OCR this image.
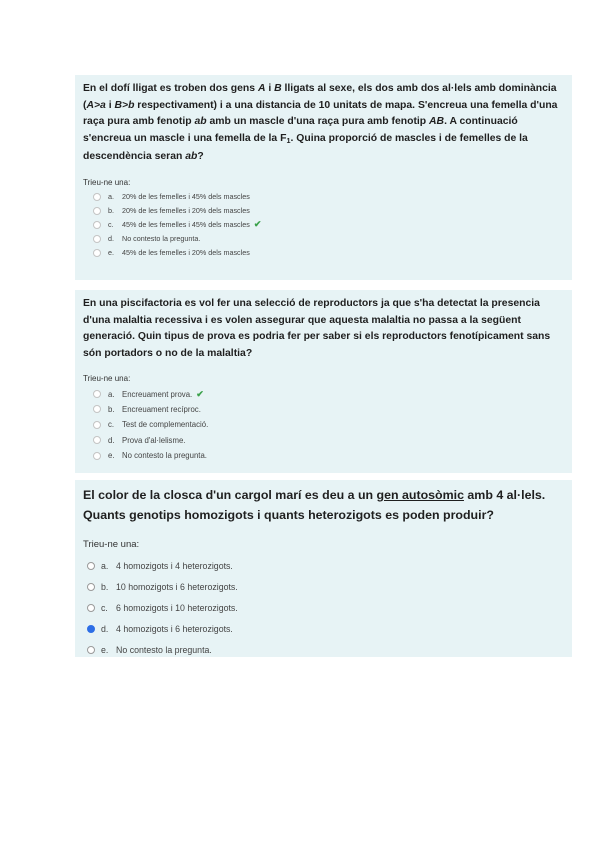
En el dofí lligat es troben dos gens A i B lligats al sexe, els dos amb dos al·lels amb dominància (A>a i B>b respectivament) i a una distancia de 10 unitats de mapa. S'encreua una femella d'una raça pura amb fenotip ab amb un mascle d'una raça pura amb fenotip AB. A continuació s'encreua un mascle i una femella de la $F_1$. Quina proporció de mascles i de femelles de la descendència seran ab?
Trieu-ne una:
a.	20% de les femelles i 45% dels mascles
b.	20% de les femelles i 20% dels mascles
c.	45% de les femelles i 45% dels mascles ✔
d.	No contesto la pregunta.
e.	45% de les femelles i 20% dels mascles
En una piscifactoria es vol fer una selecció de reproductors ja que s'ha detectat la presencia d'una malaltia recessiva i es volen assegurar que aquesta malaltia no passa a la següent generació. Quin tipus de prova es podria fer per saber si els reproductors fenotípicament sans són portadors o no de la malaltia?
Trieu-ne una:
a. Encreuament prova. ✔
b. Encreuament recíproc.
c.	Test de complementació.
d. Prova d'al·lelisme.
e. No contesto la pregunta.
El color de la closca d'un cargol marí es deu a un gen autosòmic amb 4 al·lels. Quants genotips homozigots i quants heterozigots es poden produir?
Trieu-ne una:
a. 4 homozigots i 4 heterozigots.
b. 10 homozigots i 6 heterozigots.
c. 6 homozigots i 10 heterozigots.
d. 4 homozigots i 6 heterozigots.
e. No contesto la pregunta.
